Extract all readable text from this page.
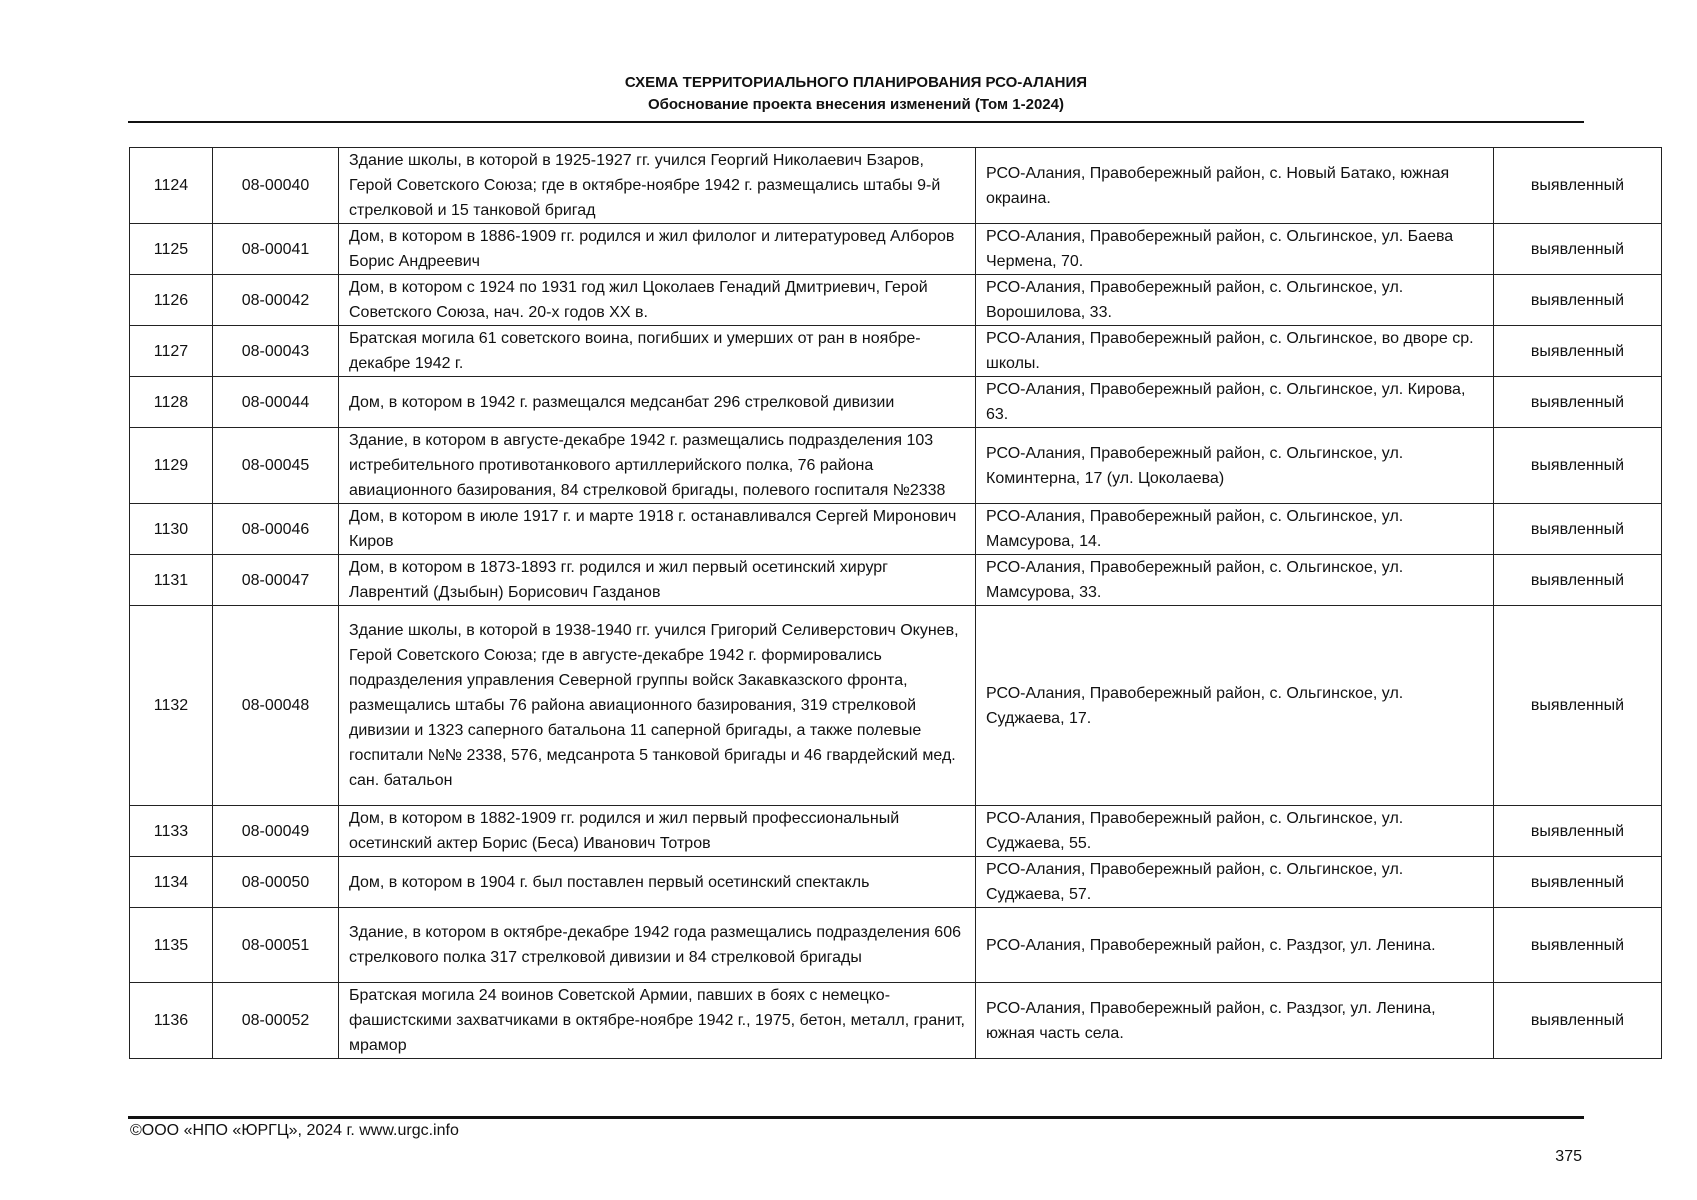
СХЕМА ТЕРРИТОРИАЛЬНОГО ПЛАНИРОВАНИЯ РСО-АЛАНИЯ
Обоснование проекта внесения изменений (Том 1-2024)
1124	08-00040	Здание школы, в которой в 1925-1927 гг. учился Георгий Николаевич Бзаров, Герой Советского Союза; где в октябре-ноябре 1942 г. размещались штабы 9-й стрелковой и 15 танковой бригад	РСО-Алания, Правобережный район, с. Новый Батако, южная окраина.	выявленный
1125	08-00041	Дом, в котором в 1886-1909 гг. родился и жил филолог и литературовед Алборов Борис Андреевич	РСО-Алания, Правобережный район, с. Ольгинское, ул. Баева Чермена, 70.	выявленный
1126	08-00042	Дом, в котором с 1924 по 1931 год жил Цоколаев Генадий Дмитриевич, Герой Советского Союза, нач. 20-х годов XX в.	РСО-Алания, Правобережный район, с. Ольгинское, ул. Ворошилова, 33.	выявленный
1127	08-00043	Братская могила 61 советского воина, погибших и умерших от ран в ноябре-декабре 1942 г.	РСО-Алания, Правобережный район, с. Ольгинское, во дворе ср. школы.	выявленный
1128	08-00044	Дом, в котором в 1942 г. размещался медсанбат 296 стрелковой дивизии	РСО-Алания, Правобережный район, с. Ольгинское, ул. Кирова, 63.	выявленный
1129	08-00045	Здание, в котором в августе-декабре 1942 г. размещались подразделения 103 истребительного противотанкового артиллерийского полка, 76 района авиационного базирования, 84 стрелковой бригады, полевого госпиталя №2338	РСО-Алания, Правобережный район, с. Ольгинское, ул. Коминтерна, 17 (ул. Цоколаева)	выявленный
1130	08-00046	Дом, в котором в июле 1917 г. и марте 1918 г. останавливался Сергей Миронович Киров	РСО-Алания, Правобережный район, с. Ольгинское, ул. Мамсурова, 14.	выявленный
1131	08-00047	Дом, в котором в 1873-1893 гг. родился и жил первый осетинский хирург Лаврентий (Дзыбын) Борисович Газданов	РСО-Алания, Правобережный район, с. Ольгинское, ул. Мамсурова, 33.	выявленный
1132	08-00048	Здание школы, в которой в 1938-1940 гг. учился Григорий Селиверстович Окунев, Герой Советского Союза; где в августе-декабре 1942 г. формировались подразделения управления Северной группы войск Закавказского фронта, размещались штабы 76 района авиационного базирования, 319 стрелковой дивизии и 1323 саперного батальона 11 саперной бригады, а также полевые госпитали №№ 2338, 576, медсанрота 5 танковой бригады и 46 гвардейский мед. сан. батальон	РСО-Алания, Правобережный район, с. Ольгинское, ул. Суджаева, 17.	выявленный
1133	08-00049	Дом, в котором в 1882-1909 гг. родился и жил первый профессиональный осетинский актер Борис (Беса) Иванович Тотров	РСО-Алания, Правобережный район, с. Ольгинское, ул. Суджаева, 55.	выявленный
1134	08-00050	Дом, в котором в 1904 г. был поставлен первый осетинский спектакль	РСО-Алания, Правобережный район, с. Ольгинское, ул. Суджаева, 57.	выявленный
1135	08-00051	Здание, в котором в октябре-декабре 1942 года размещались подразделения 606 стрелкового полка 317 стрелковой дивизии и 84 стрелковой бригады	РСО-Алания, Правобережный район, с. Раздзог, ул. Ленина.	выявленный
1136	08-00052	Братская могила 24 воинов Советской Армии, павших в боях с немецко-фашистскими захватчиками в октябре-ноябре 1942 г., 1975, бетон, металл, гранит, мрамор	РСО-Алания, Правобережный район, с. Раздзог, ул. Ленина, южная часть села.	выявленный
©ООО «НПО «ЮРГЦ», 2024 г. www.urgc.info
375
